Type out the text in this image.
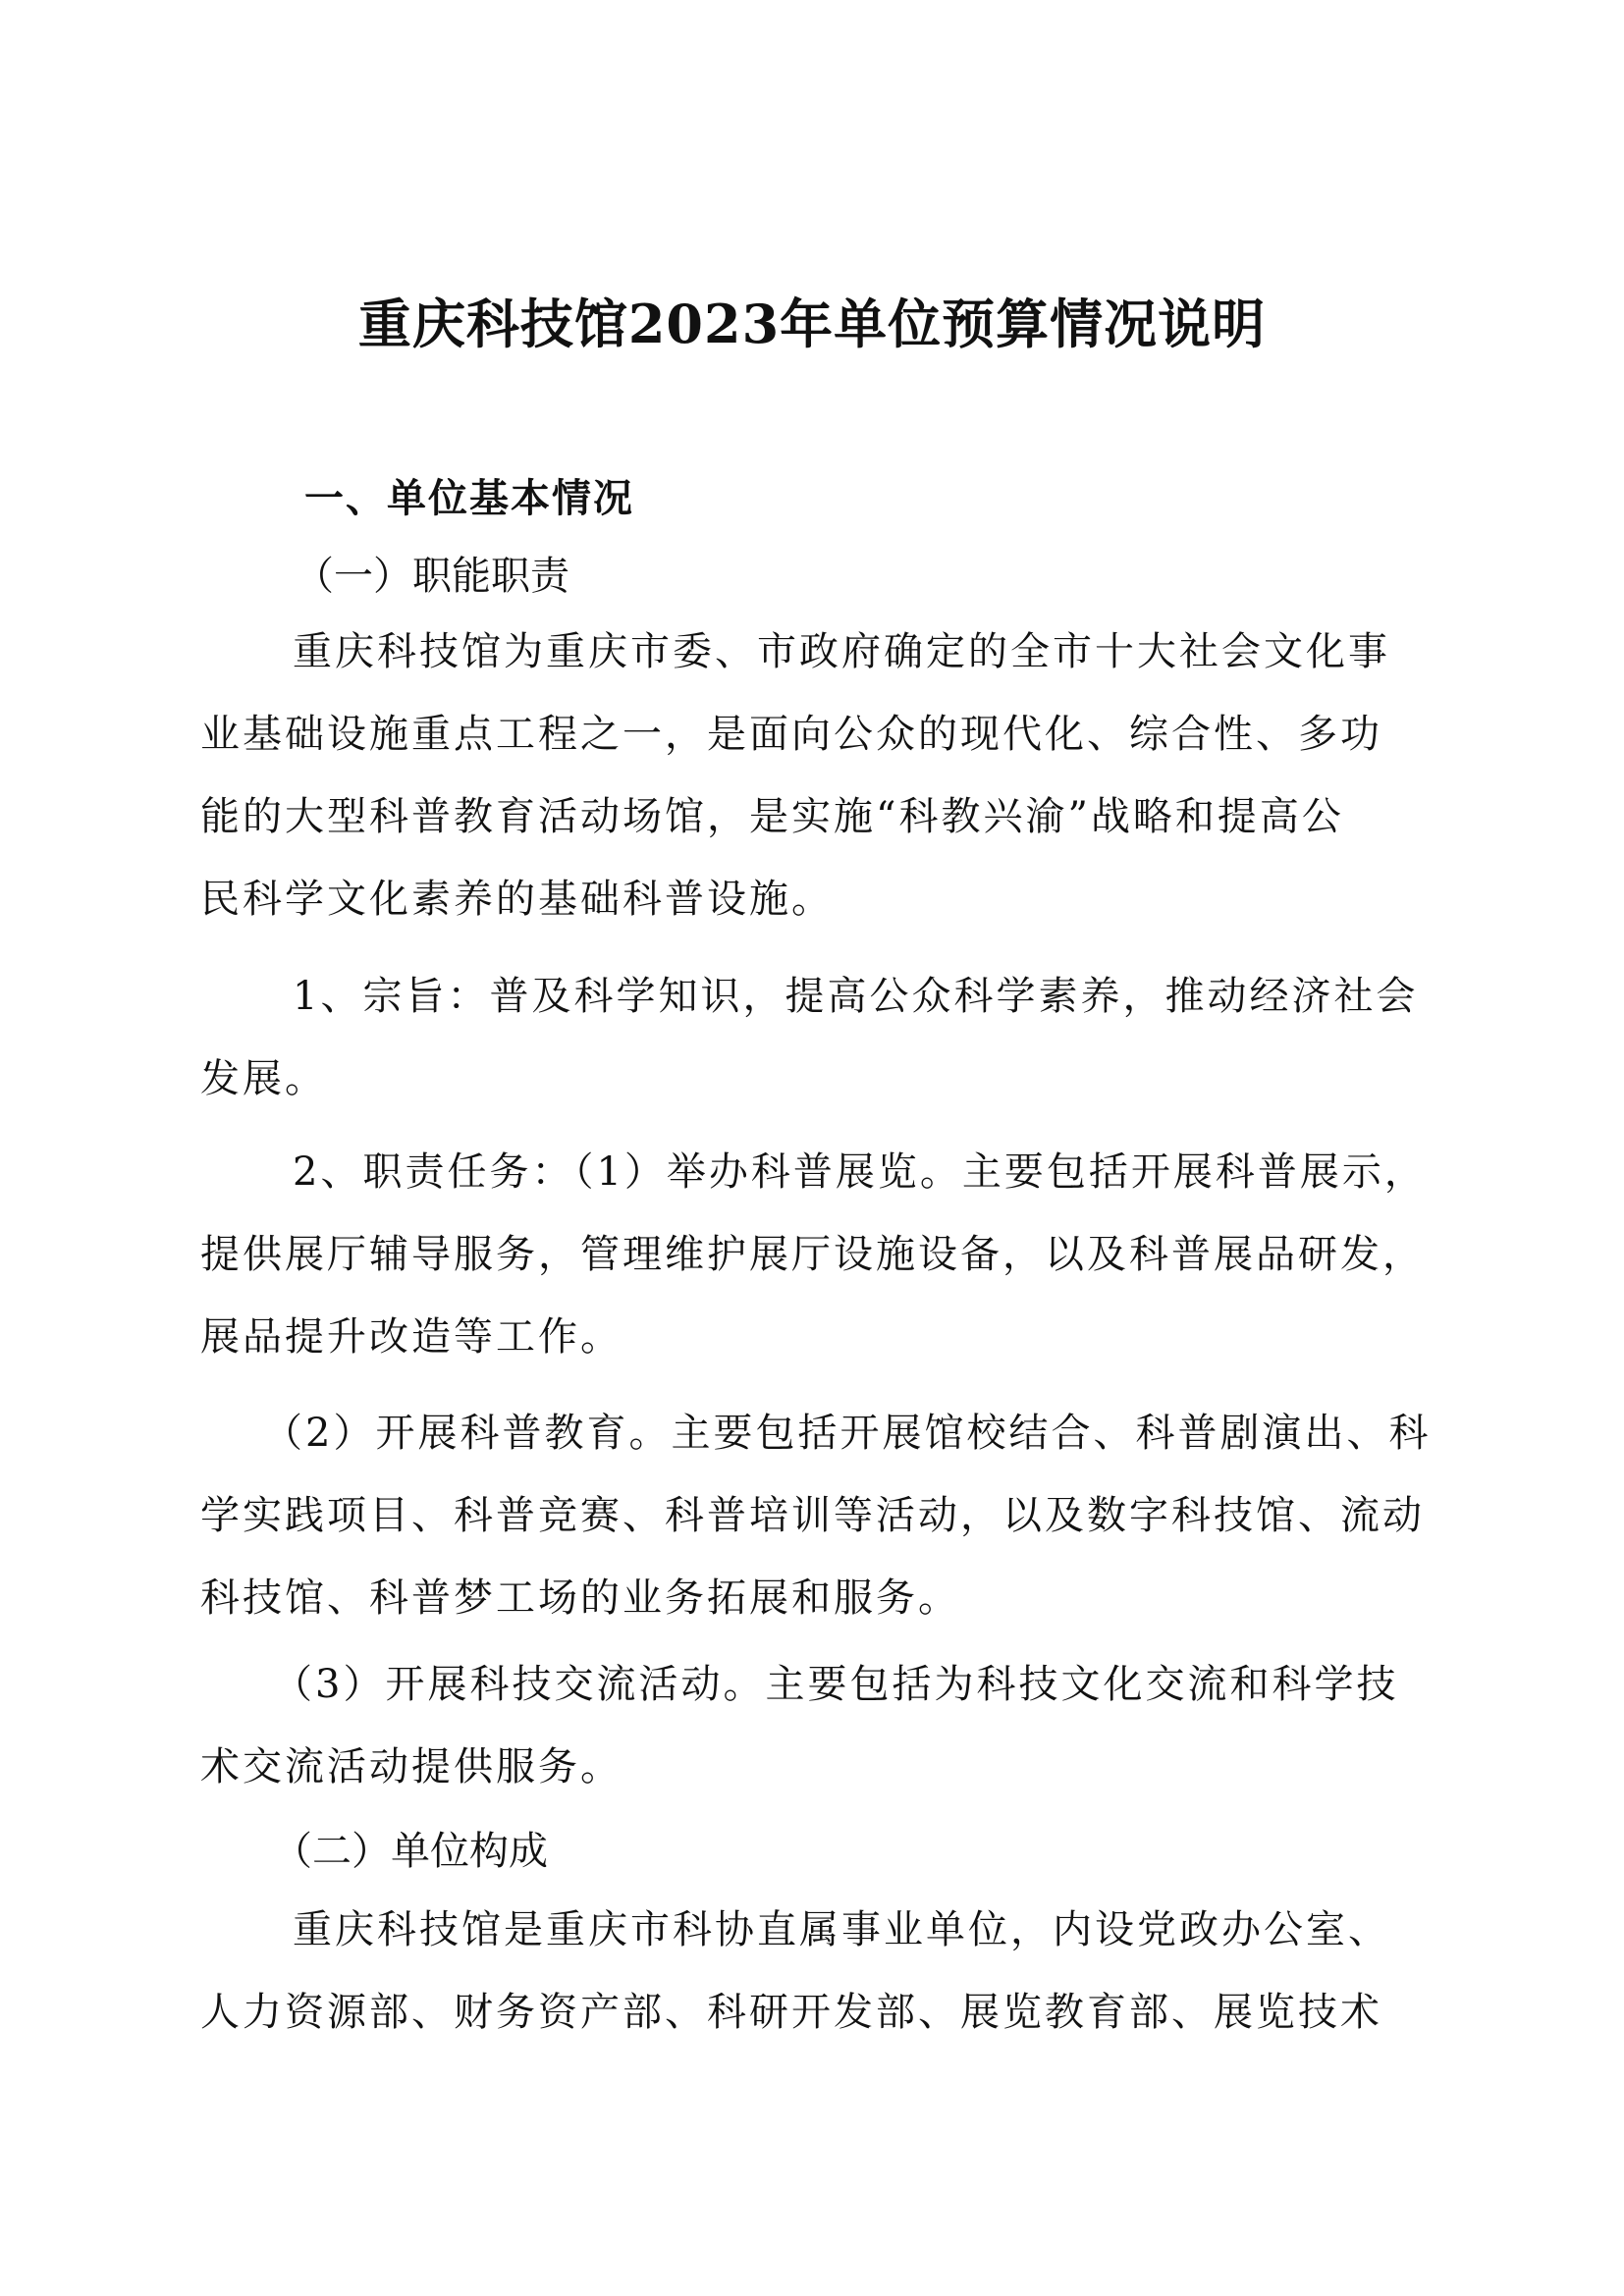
重庆科技馆2023年单位预算情况说明
一、单位基本情况
（一）职能职责
重庆科技馆为重庆市委、市政府确定的全市十大社会文化事
业基础设施重点工程之一，是面向公众的现代化、综合性、多功
能的大型科普教育活动场馆，是实施“科教兴渝”战略和提高公
民科学文化素养的基础科普设施。
1、宗旨：普及科学知识，提高公众科学素养，推动经济社会
发展。
2、职责任务：（1）举办科普展览。主要包括开展科普展示，
提供展厅辅导服务，管理维护展厅设施设备，以及科普展品研发，
展品提升改造等工作。
（2）开展科普教育。主要包括开展馆校结合、科普剧演出、科
学实践项目、科普竞赛、科普培训等活动，以及数字科技馆、流动
科技馆、科普梦工场的业务拓展和服务。
（3）开展科技交流活动。主要包括为科技文化交流和科学技
术交流活动提供服务。
（二）单位构成
重庆科技馆是重庆市科协直属事业单位，内设党政办公室、
人力资源部、财务资产部、科研开发部、展览教育部、展览技术
